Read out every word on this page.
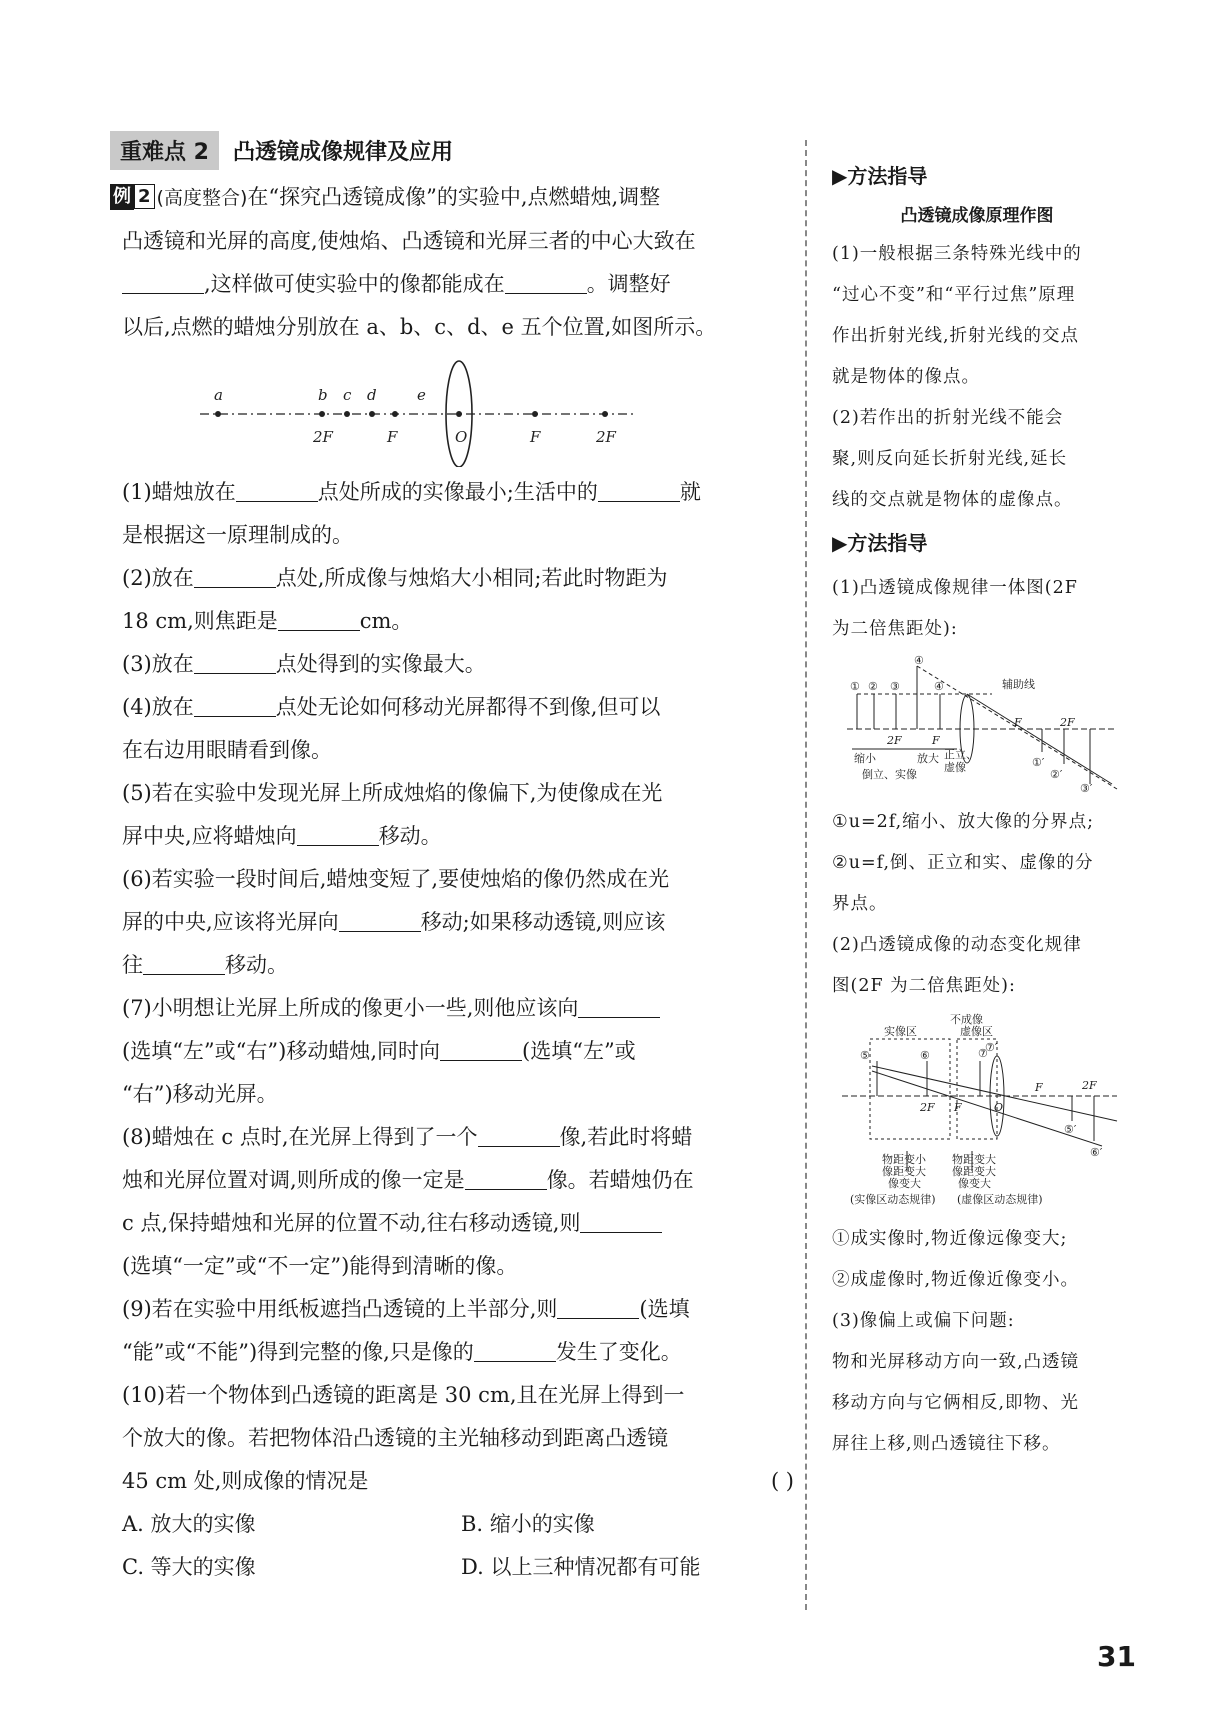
重难点 2	凸透镜成像规律及应用

例 2 (高度整合)在“探究凸透镜成像”的实验中,点燃蜡烛,调整

凸透镜和光屏的高度,使烛焰、凸透镜和光屏三者的中心大致在

,这样做可使实验中的像都能成在	。调整好

以后,点燃的蜡烛分别放在 a、b、c、d、e 五个位置,如图所示。

a	b c d	e
2F	F	O	F	2F

(1)蜡烛放在	点处所成的实像最小;生活中的	就

是根据这一原理制成的。

(2)放在	点处,所成像与烛焰大小相同;若此时物距为

18 cm,则焦距是	cm。

(3)放在	点处得到的实像最大。

(4)放在	点处无论如何移动光屏都得不到像,但可以

在右边用眼睛看到像。

(5)若在实验中发现光屏上所成烛焰的像偏下,为使像成在光

屏中央,应将蜡烛向	移动。

(6)若实验一段时间后,蜡烛变短了,要使烛焰的像仍然成在光

屏的中央,应该将光屏向	移动;如果移动透镜,则应该

往	移动。

(7)小明想让光屏上所成的像更小一些,则他应该向

(选填“左”或“右”)移动蜡烛,同时向	(选填“左”或

“右”)移动光屏。

(8)蜡烛在 c 点时,在光屏上得到了一个	像,若此时将蜡

烛和光屏位置对调,则所成的像一定是	像。若蜡烛仍在

c 点,保持蜡烛和光屏的位置不动,往右移动透镜,则

(选填“一定”或“不一定”)能得到清晰的像。

(9)若在实验中用纸板遮挡凸透镜的上半部分,则	(选填

“能”或“不能”)得到完整的像,只是像的	发生了变化。

(10)若一个物体到凸透镜的距离是 30 cm,且在光屏上得到一

个放大的像。若把物体沿凸透镜的主光轴移动到距离凸透镜

45 cm 处,则成像的情况是	( )

A. 放大的实像	B. 缩小的实像
C. 等大的实像	D. 以上三种情况都有可能

▶方法指导

凸透镜成像原理作图

(1)一般根据三条特殊光线中的

“过心不变”和“平行过焦”原理

作出折射光线,折射光线的交点

就是物体的像点。

(2)若作出的折射光线不能会

聚,则反向延长折射光线,延长

线的交点就是物体的虚像点。

▶方法指导

(1)凸透镜成像规律一体图(2F

为二倍焦距处):

④
① ② ③	④	辅助线
2F	F
F	2F
缩小	放大 正立、
虚像
倒立、实像
①′
②′
③′

①u=2f,缩小、放大像的分界点;

②u=f,倒、正立和实、虚像的分

界点。

(2)凸透镜成像的动态变化规律

图(2F 为二倍焦距处):

不成像
实像区	虚像区
⑤	⑥	⑦
⑦′
2F F	O
F	2F
⑤′
⑥′
物距变小
像距变大
像变大
物距变大
像距变大
像变大
(实像区动态规律) (虚像区动态规律)

①成实像时,物近像远像变大;

②成虚像时,物近像近像变小。

(3)像偏上或偏下问题:

物和光屏移动方向一致,凸透镜

移动方向与它俩相反,即物、光

屏往上移,则凸透镜往下移。

31
